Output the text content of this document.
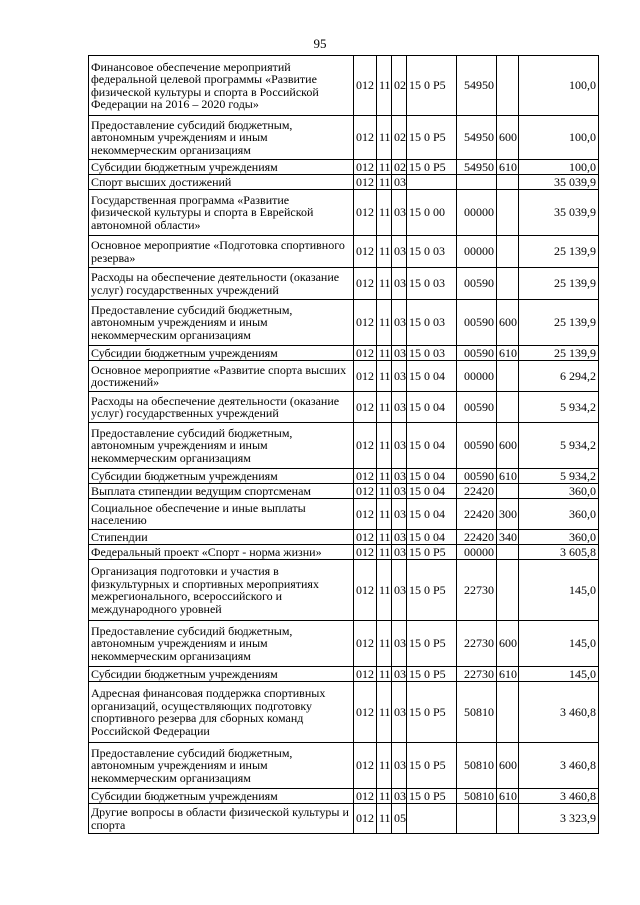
95
Финансовое обеспечение мероприятий федеральной целевой программы «Развитие физической культуры и спорта в Российской Федерации на 2016 – 2020 годы»	012	11	02	15 0 Р5	54950		100,0
Предоставление субсидий бюджетным, автономным учреждениям и иным некоммерческим организациям	012	11	02	15 0 Р5	54950	600	100,0
Субсидии бюджетным учреждениям	012	11	02	15 0 Р5	54950	610	100,0
Спорт высших достижений	012	11	03				35 039,9
Государственная программа «Развитие физической культуры и спорта в Еврейской автономной области»	012	11	03	15 0 00	00000		35 039,9
Основное мероприятие «Подготовка спортивного резерва»	012	11	03	15 0 03	00000		25 139,9
Расходы на обеспечение деятельности (оказание услуг) государственных учреждений	012	11	03	15 0 03	00590		25 139,9
Предоставление субсидий бюджетным, автономным учреждениям и иным некоммерческим организациям	012	11	03	15 0 03	00590	600	25 139,9
Субсидии бюджетным учреждениям	012	11	03	15 0 03	00590	610	25 139,9
Основное мероприятие «Развитие спорта высших достижений»	012	11	03	15 0 04	00000		6 294,2
Расходы на обеспечение деятельности (оказание услуг) государственных учреждений	012	11	03	15 0 04	00590		5 934,2
Предоставление субсидий бюджетным, автономным учреждениям и иным некоммерческим организациям	012	11	03	15 0 04	00590	600	5 934,2
Субсидии бюджетным учреждениям	012	11	03	15 0 04	00590	610	5 934,2
Выплата стипендии ведущим спортсменам	012	11	03	15 0 04	22420		360,0
Социальное обеспечение и иные выплаты населению	012	11	03	15 0 04	22420	300	360,0
Стипендии	012	11	03	15 0 04	22420	340	360,0
Федеральный проект «Спорт - норма жизни»	012	11	03	15 0 Р5	00000		3 605,8
Организация подготовки и участия в физкультурных и спортивных мероприятиях межрегионального, всероссийского и международного уровней	012	11	03	15 0 Р5	22730		145,0
Предоставление субсидий бюджетным, автономным учреждениям и иным некоммерческим организациям	012	11	03	15 0 Р5	22730	600	145,0
Субсидии бюджетным учреждениям	012	11	03	15 0 Р5	22730	610	145,0
Адресная финансовая поддержка спортивных организаций, осуществляющих подготовку спортивного резерва для сборных команд Российской Федерации	012	11	03	15 0 Р5	50810		3 460,8
Предоставление субсидий бюджетным, автономным учреждениям и иным некоммерческим организациям	012	11	03	15 0 Р5	50810	600	3 460,8
Субсидии бюджетным учреждениям	012	11	03	15 0 Р5	50810	610	3 460,8
Другие вопросы в области физической культуры и спорта	012	11	05				3 323,9
